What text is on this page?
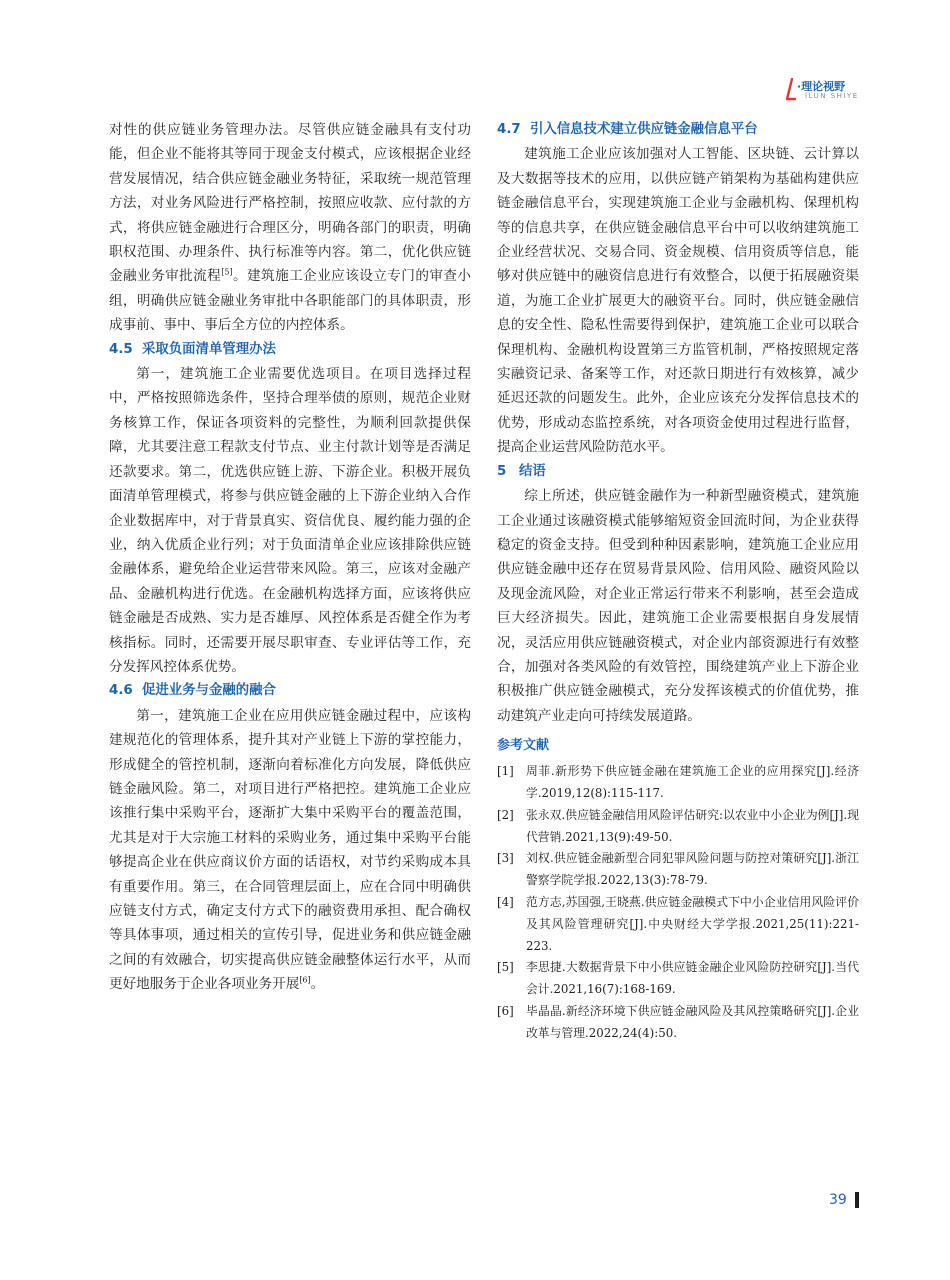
·理论视野
ILUN SHIYE

对性的供应链业务管理办法。尽管供应链金融具有支付功能，但企业不能将其等同于现金支付模式，应该根据企业经营发展情况，结合供应链金融业务特征，采取统一规范管理方法，对业务风险进行严格控制，按照应收款、应付款的方式，将供应链金融进行合理区分，明确各部门的职责，明确职权范围、办理条件、执行标准等内容。第二，优化供应链金融业务审批流程[5]。建筑施工企业应该设立专门的审查小组，明确供应链金融业务审批中各职能部门的具体职责，形成事前、事中、事后全方位的内控体系。

4.5 采取负面清单管理办法

第一，建筑施工企业需要优选项目。在项目选择过程中，严格按照筛选条件，坚持合理举债的原则，规范企业财务核算工作，保证各项资料的完整性，为顺利回款提供保障，尤其要注意工程款支付节点、业主付款计划等是否满足还款要求。第二，优选供应链上游、下游企业。积极开展负面清单管理模式，将参与供应链金融的上下游企业纳入合作企业数据库中，对于背景真实、资信优良、履约能力强的企业，纳入优质企业行列；对于负面清单企业应该排除供应链金融体系，避免给企业运营带来风险。第三，应该对金融产品、金融机构进行优选。在金融机构选择方面，应该将供应链金融是否成熟、实力是否雄厚、风控体系是否健全作为考核指标。同时，还需要开展尽职审查、专业评估等工作，充分发挥风控体系优势。

4.6 促进业务与金融的融合

第一，建筑施工企业在应用供应链金融过程中，应该构建规范化的管理体系，提升其对产业链上下游的掌控能力，形成健全的管控机制，逐渐向着标准化方向发展，降低供应链金融风险。第二，对项目进行严格把控。建筑施工企业应该推行集中采购平台，逐渐扩大集中采购平台的覆盖范围，尤其是对于大宗施工材料的采购业务，通过集中采购平台能够提高企业在供应商议价方面的话语权，对节约采购成本具有重要作用。第三，在合同管理层面上，应在合同中明确供应链支付方式，确定支付方式下的融资费用承担、配合确权等具体事项，通过相关的宣传引导，促进业务和供应链金融之间的有效融合，切实提高供应链金融整体运行水平，从而更好地服务于企业各项业务开展[6]。

4.7 引入信息技术建立供应链金融信息平台

建筑施工企业应该加强对人工智能、区块链、云计算以及大数据等技术的应用，以供应链产销架构为基础构建供应链金融信息平台，实现建筑施工企业与金融机构、保理机构等的信息共享，在供应链金融信息平台中可以收纳建筑施工企业经营状况、交易合同、资金规模、信用资质等信息，能够对供应链中的融资信息进行有效整合，以便于拓展融资渠道，为施工企业扩展更大的融资平台。同时，供应链金融信息的安全性、隐私性需要得到保护，建筑施工企业可以联合保理机构、金融机构设置第三方监管机制，严格按照规定落实融资记录、备案等工作，对还款日期进行有效核算，减少延迟还款的问题发生。此外，企业应该充分发挥信息技术的优势，形成动态监控系统，对各项资金使用过程进行监督，提高企业运营风险防范水平。

5 结语

综上所述，供应链金融作为一种新型融资模式，建筑施工企业通过该融资模式能够缩短资金回流时间，为企业获得稳定的资金支持。但受到种种因素影响，建筑施工企业应用供应链金融中还存在贸易背景风险、信用风险、融资风险以及现金流风险，对企业正常运行带来不利影响，甚至会造成巨大经济损失。因此，建筑施工企业需要根据自身发展情况，灵活应用供应链融资模式，对企业内部资源进行有效整合，加强对各类风险的有效管控，围绕建筑产业上下游企业积极推广供应链金融模式，充分发挥该模式的价值优势，推动建筑产业走向可持续发展道路。

参考文献

[1] 周菲.新形势下供应链金融在建筑施工企业的应用探究[J].经济学.2019,12(8):115-117.

[2] 张永双.供应链金融信用风险评估研究:以农业中小企业为例[J].现代营销.2021,13(9):49-50.

[3] 刘权.供应链金融新型合同犯罪风险问题与防控对策研究[J].浙江警察学院学报.2022,13(3):78-79.

[4] 范方志,苏国强,王晓燕.供应链金融模式下中小企业信用风险评价及其风险管理研究[J].中央财经大学学报.2021,25(11):221-223.

[5] 李思捷.大数据背景下中小供应链金融企业风险防控研究[J].当代会计.2021,16(7):168-169.

[6] 毕晶晶.新经济环境下供应链金融风险及其风控策略研究[J].企业改革与管理.2022,24(4):50.

39
